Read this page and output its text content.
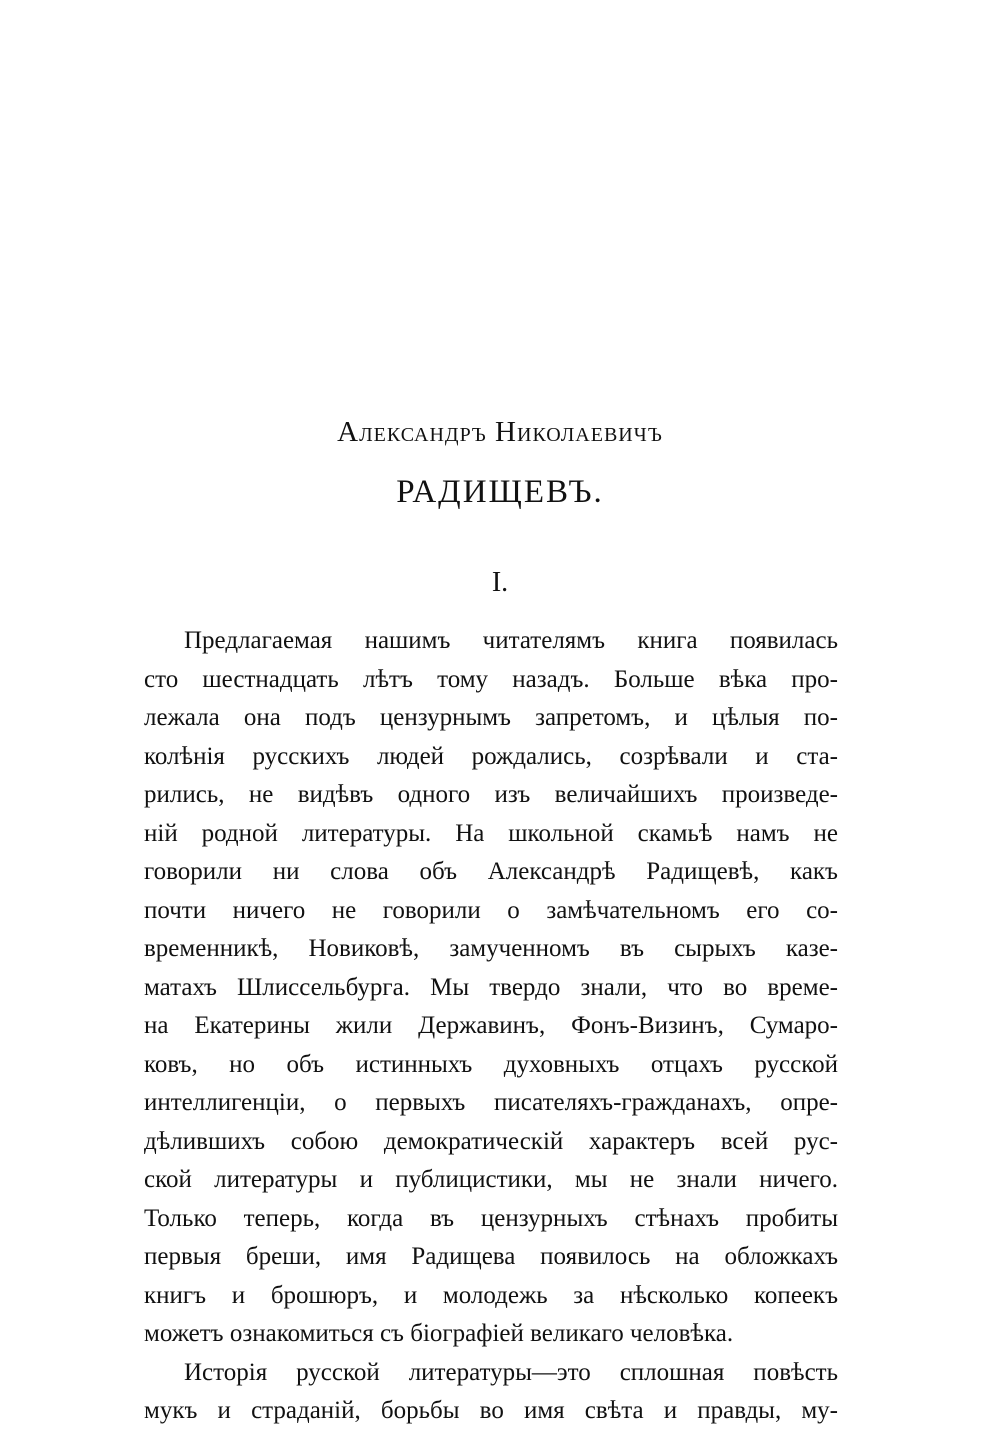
Александръ Николаевичъ
РАДИЩЕВЪ.
I.
Предлагаемая нашимъ читателямъ книга появилась
сто шестнадцать лѣтъ тому назадъ. Больше вѣка про-
лежала она подъ цензурнымъ запретомъ, и цѣлыя по-
колѣнія русскихъ людей рождались, созрѣвали и ста-
рились, не видѣвъ одного изъ величайшихъ произведе-
ній родной литературы. На школьной скамьѣ намъ не
говорили ни слова объ Александрѣ Радищевѣ, какъ
почти ничего не говорили о замѣчательномъ его со-
временникѣ, Новиковѣ, замученномъ въ сырыхъ казе-
матахъ Шлиссельбурга. Мы твердо знали, что во време-
на Екатерины жили Державинъ, Фонъ-Визинъ, Сумаро-
ковъ, но объ истинныхъ духовныхъ отцахъ русской
интеллигенціи, о первыхъ писателяхъ-гражданахъ, опре-
дѣлившихъ собою демократическій характеръ всей рус-
ской литературы и публицистики, мы не знали ничего.
Только теперь, когда въ цензурныхъ стѣнахъ пробиты
первыя бреши, имя Радищева появилось на обложкахъ
книгъ и брошюръ, и молодежь за нѣсколько копеекъ
можетъ ознакомиться съ біографіей великаго человѣка.
Исторія русской литературы—это сплошная повѣсть
мукъ и страданій, борьбы во имя свѣта и правды, му-
